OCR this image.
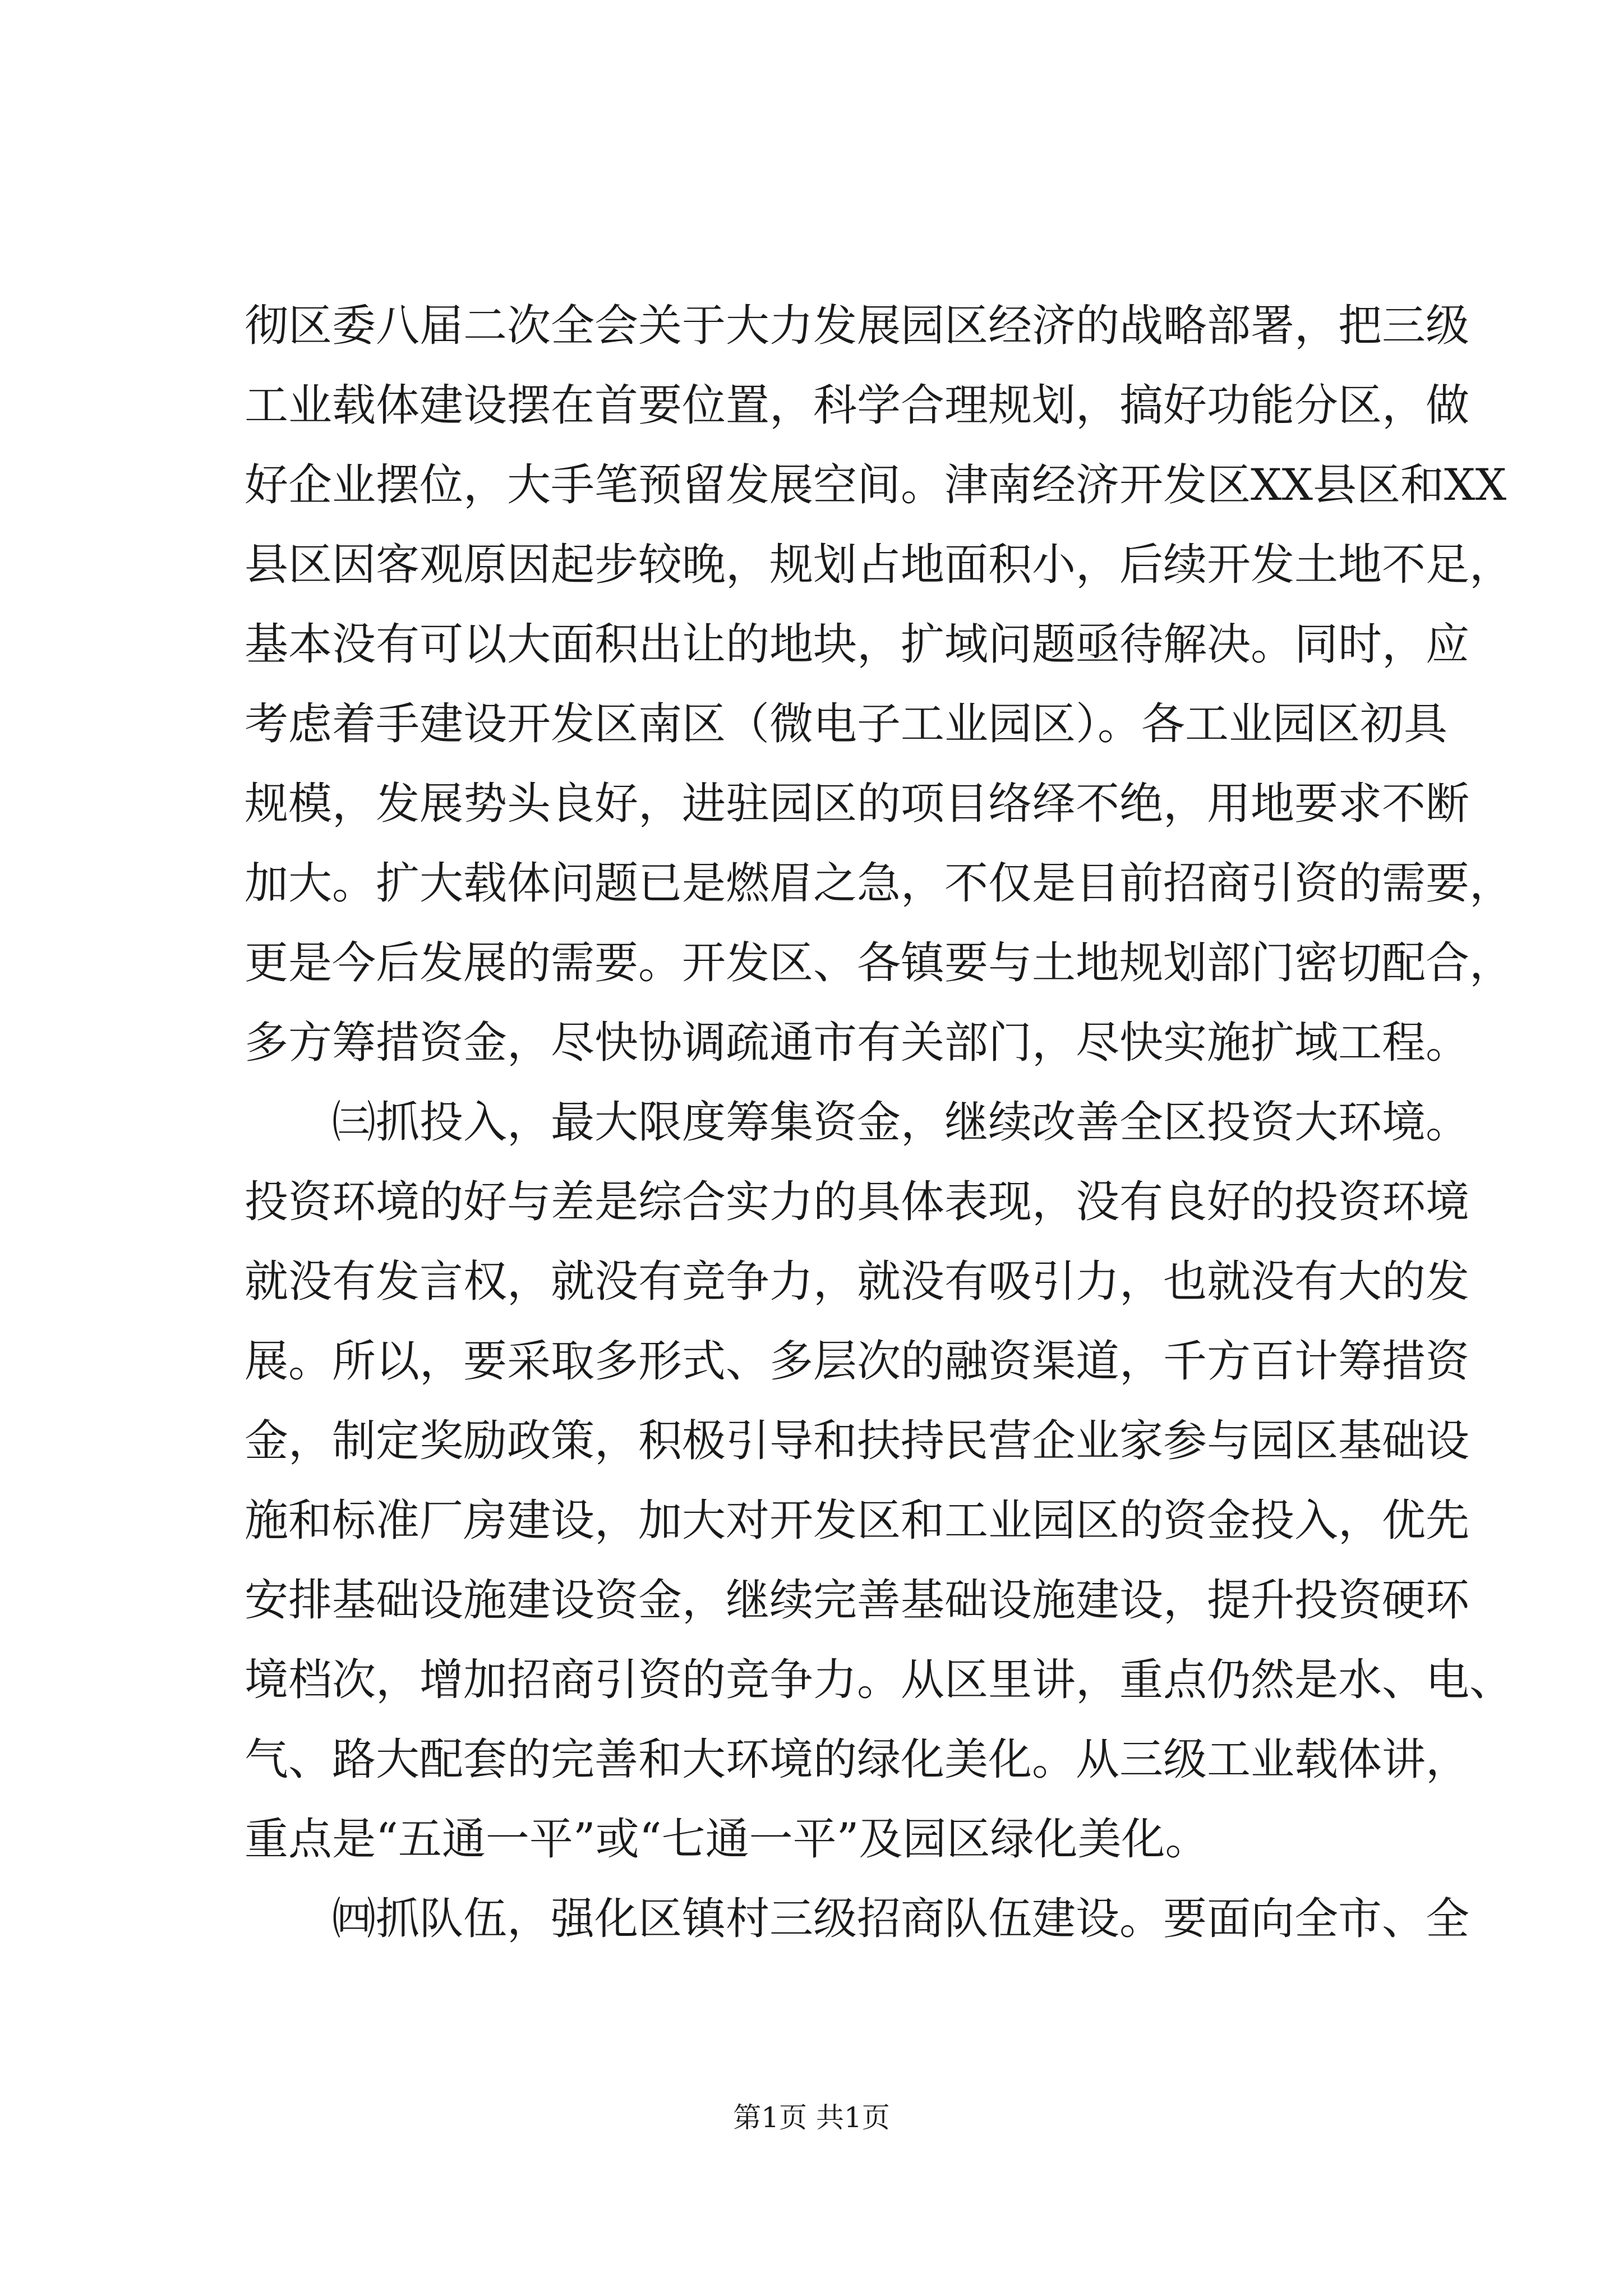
彻区委八届二次全会关于大力发展园区经济的战略部署，把三级
工业载体建设摆在首要位置，科学合理规划，搞好功能分区，做
好企业摆位，大手笔预留发展空间。津南经济开发区XX县区和XX
县区因客观原因起步较晚，规划占地面积小，后续开发土地不足，
基本没有可以大面积出让的地块，扩域问题亟待解决。同时，应
考虑着手建设开发区南区（微电子工业园区）。各工业园区初具
规模，发展势头良好，进驻园区的项目络绎不绝，用地要求不断
加大。扩大载体问题已是燃眉之急，不仅是目前招商引资的需要，
更是今后发展的需要。开发区、各镇要与土地规划部门密切配合，
多方筹措资金，尽快协调疏通市有关部门，尽快实施扩域工程。
㈢抓投入，最大限度筹集资金，继续改善全区投资大环境。
投资环境的好与差是综合实力的具体表现，没有良好的投资环境
就没有发言权，就没有竞争力，就没有吸引力，也就没有大的发
展。所以，要采取多形式、多层次的融资渠道，千方百计筹措资
金，制定奖励政策，积极引导和扶持民营企业家参与园区基础设
施和标准厂房建设，加大对开发区和工业园区的资金投入，优先
安排基础设施建设资金，继续完善基础设施建设，提升投资硬环
境档次，增加招商引资的竞争力。从区里讲，重点仍然是水、电、
气、路大配套的完善和大环境的绿化美化。从三级工业载体讲，
重点是“五通一平”或“七通一平”及园区绿化美化。
㈣抓队伍，强化区镇村三级招商队伍建设。要面向全市、全
第1页 共1页
